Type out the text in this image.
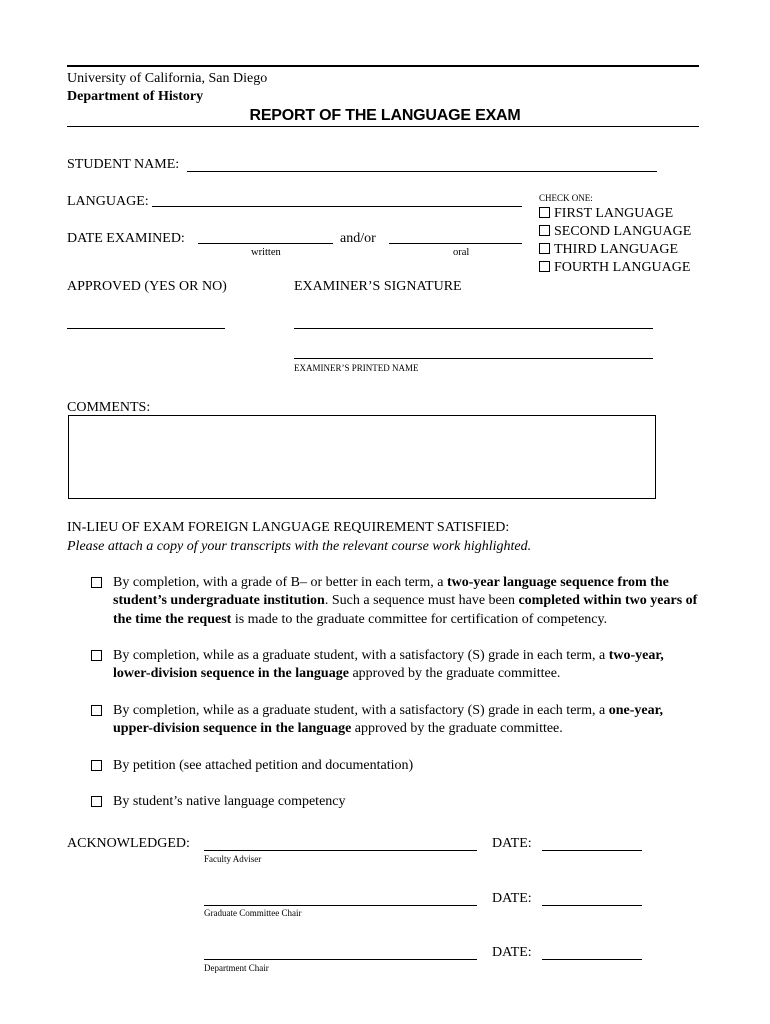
University of California, San Diego
Department of History
REPORT OF THE LANGUAGE EXAM
STUDENT NAME:
LANGUAGE:
DATE EXAMINED:	and/or
written	oral
CHECK ONE:
FIRST LANGUAGE
SECOND LANGUAGE
THIRD LANGUAGE
FOURTH LANGUAGE
APPROVED (YES OR NO)	EXAMINER’S SIGNATURE
EXAMINER’S PRINTED NAME
COMMENTS:
IN-LIEU OF EXAM FOREIGN LANGUAGE REQUIREMENT SATISFIED:
Please attach a copy of your transcripts with the relevant course work highlighted.
By completion, with a grade of B– or better in each term, a two-year language sequence from the student’s undergraduate institution. Such a sequence must have been completed within two years of the time the request is made to the graduate committee for certification of competency.
By completion, while as a graduate student, with a satisfactory (S) grade in each term, a two-year, lower-division sequence in the language approved by the graduate committee.
By completion, while as a graduate student, with a satisfactory (S) grade in each term, a one-year, upper-division sequence in the language approved by the graduate committee.
By petition (see attached petition and documentation)
By student’s native language competency
ACKNOWLEDGED:
Faculty Adviser
DATE:
Graduate Committee Chair
DATE:
Department Chair
DATE:
